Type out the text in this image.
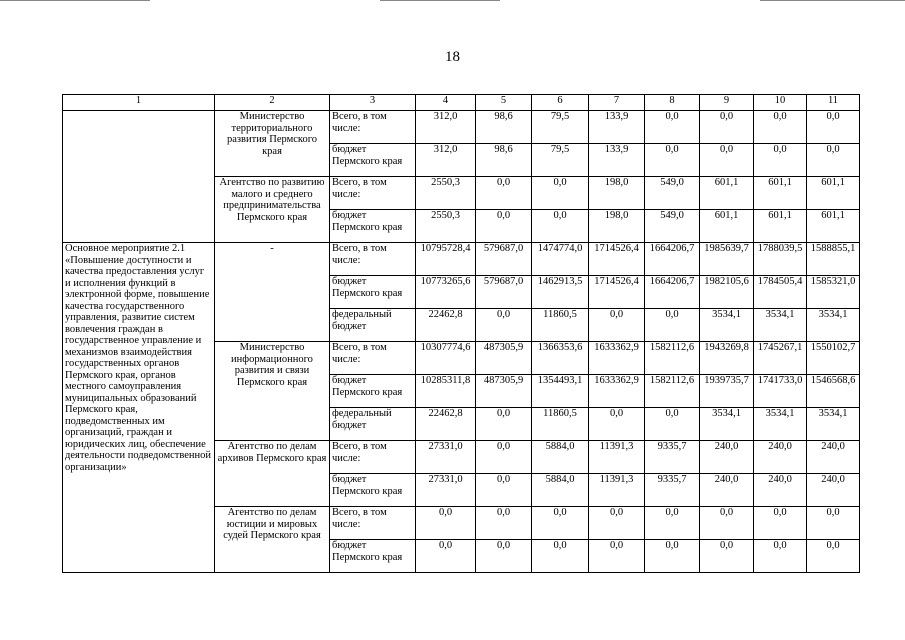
18
1	2	3	4	5	6	7	8	9	10	11
	Министерство территориального развития Пермского края	Всего, в том числе:	312,0	98,6	79,5	133,9	0,0	0,0	0,0	0,0
		бюджет Пермского края	312,0	98,6	79,5	133,9	0,0	0,0	0,0	0,0
	Агентство по развитию малого и среднего предпринимательства Пермского края	Всего, в том числе:	2550,3	0,0	0,0	198,0	549,0	601,1	601,1	601,1
		бюджет Пермского края	2550,3	0,0	0,0	198,0	549,0	601,1	601,1	601,1
Основное мероприятие 2.1 «Повышение доступности и качества предоставления услуг и исполнения функций в электронной форме, повышение качества государственного управления, развитие систем вовлечения граждан в государственное управление и механизмов взаимодействия государственных органов Пермского края, органов местного самоуправления муниципальных образований Пермского края, подведомственных им организаций, граждан и юридических лиц, обеспечение деятельности подведомственной организации»	-	Всего, в том числе:	10795728,4	579687,0	1474774,0	1714526,4	1664206,7	1985639,7	1788039,5	1588855,1
		бюджет Пермского края	10773265,6	579687,0	1462913,5	1714526,4	1664206,7	1982105,6	1784505,4	1585321,0
		федеральный бюджет	22462,8	0,0	11860,5	0,0	0,0	3534,1	3534,1	3534,1
	Министерство информационного развития и связи Пермского края	Всего, в том числе:	10307774,6	487305,9	1366353,6	1633362,9	1582112,6	1943269,8	1745267,1	1550102,7
		бюджет Пермского края	10285311,8	487305,9	1354493,1	1633362,9	1582112,6	1939735,7	1741733,0	1546568,6
		федеральный бюджет	22462,8	0,0	11860,5	0,0	0,0	3534,1	3534,1	3534,1
	Агентство по делам архивов Пермского края	Всего, в том числе:	27331,0	0,0	5884,0	11391,3	9335,7	240,0	240,0	240,0
		бюджет Пермского края	27331,0	0,0	5884,0	11391,3	9335,7	240,0	240,0	240,0
	Агентство по делам юстиции и мировых судей Пермского края	Всего, в том числе:	0,0	0,0	0,0	0,0	0,0	0,0	0,0	0,0
		бюджет Пермского края	0,0	0,0	0,0	0,0	0,0	0,0	0,0	0,0
